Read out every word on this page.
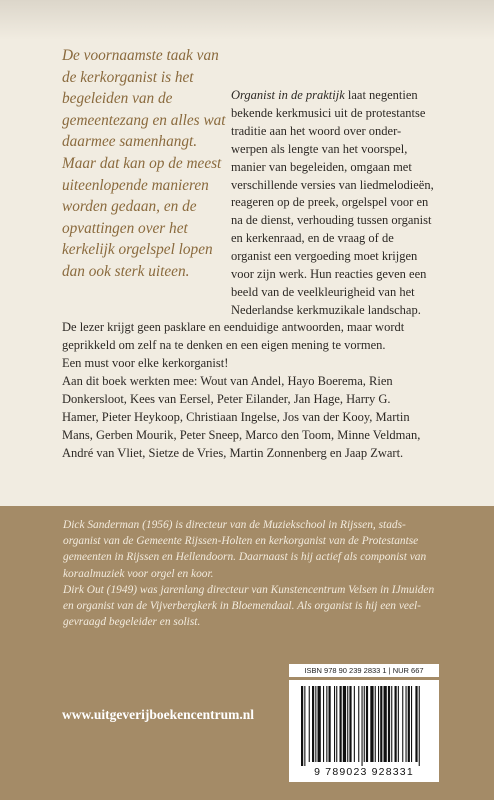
De voornaamste taak van
de kerkorganist is het
begeleiden van de
gemeentezang en alles wat
daarmee samenhangt.
Maar dat kan op de meest
uiteenlopende manieren
worden gedaan, en de
opvattingen over het
kerkelijk orgelspel lopen
dan ook sterk uiteen.
Organist in de praktijk laat negentien
bekende kerkmusici uit de protestantse
traditie aan het woord over onder-
werpen als lengte van het voorspel,
manier van begeleiden, omgaan met
verschillende versies van liedmelodieën,
reageren op de preek, orgelspel voor en
na de dienst, verhouding tussen organist
en kerkenraad, en de vraag of de
organist een vergoeding moet krijgen
voor zijn werk. Hun reacties geven een
beeld van de veelkleurigheid van het
Nederlandse kerkmuzikale landschap.
De lezer krijgt geen pasklare en eenduidige antwoorden, maar wordt
geprikkeld om zelf na te denken en een eigen mening te vormen.
Een must voor elke kerkorganist!
Aan dit boek werkten mee: Wout van Andel, Hayo Boerema, Rien
Donkersloot, Kees van Eersel, Peter Eilander, Jan Hage, Harry G.
Hamer, Pieter Heykoop, Christiaan Ingelse, Jos van der Kooy, Martin
Mans, Gerben Mourik, Peter Sneep, Marco den Toom, Minne Veldman,
André van Vliet, Sietze de Vries, Martin Zonnenberg en Jaap Zwart.
Dick Sanderman (1956) is directeur van de Muziekschool in Rijssen, stads-
organist van de Gemeente Rijssen-Holten en kerkorganist van de Protestantse
gemeenten in Rijssen en Hellendoorn. Daarnaast is hij actief als componist van
koraalmuziek voor orgel en koor.
Dirk Out (1949) was jarenlang directeur van Kunstencentrum Velsen in IJmuiden
en organist van de Vijverbergkerk in Bloemendaal. Als organist is hij een veel-
gevraagd begeleider en solist.
ISBN 978 90 239 2833 1 | NUR 667
9 789023 928331
www.uitgeverijboekencentrum.nl
